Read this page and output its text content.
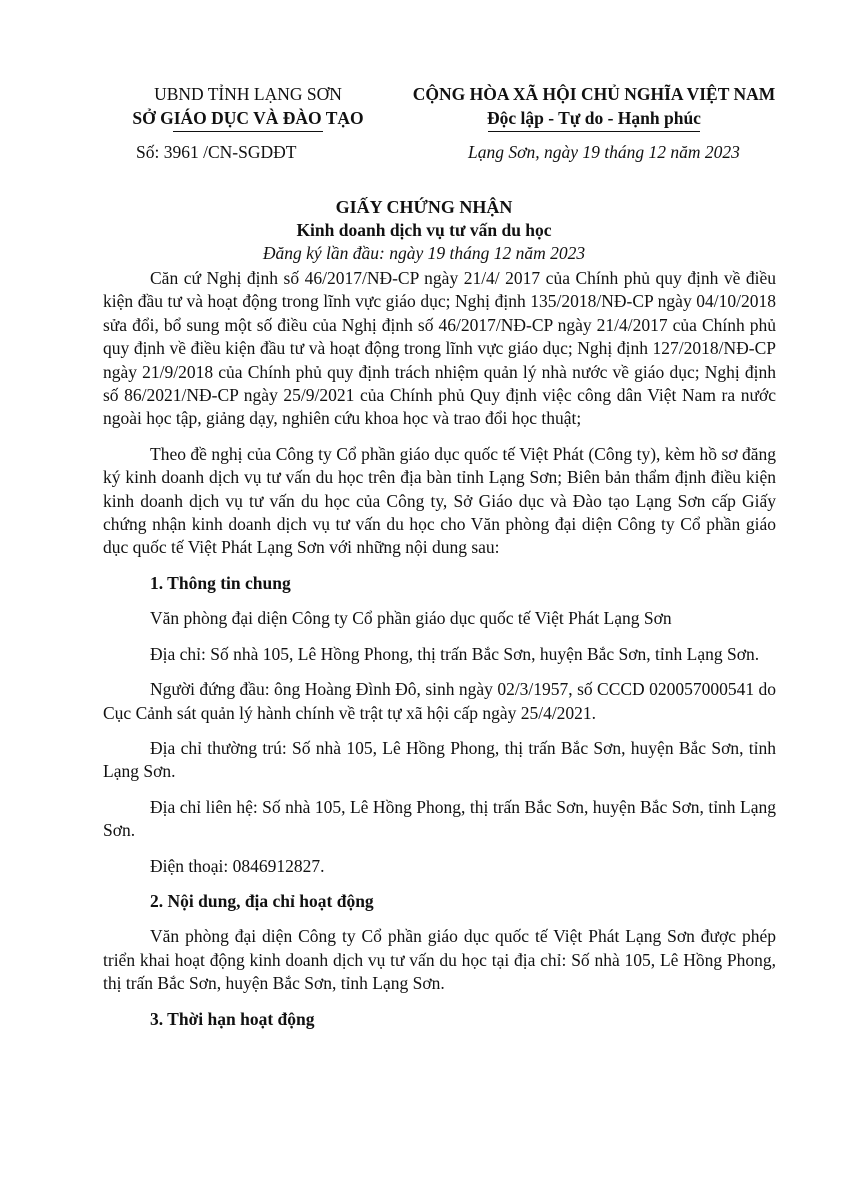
UBND TỈNH LẠNG SƠN
SỞ GIÁO DỤC VÀ ĐÀO TẠO
CỘNG HÒA XÃ HỘI CHỦ NGHĨA VIỆT NAM
Độc lập - Tự do - Hạnh phúc
Số: 3961 /CN-SGDĐT	Lạng Sơn, ngày 19 tháng 12 năm 2023
GIẤY CHỨNG NHẬN
Kinh doanh dịch vụ tư vấn du học
Đăng ký lần đầu: ngày 19 tháng 12 năm 2023

Căn cứ Nghị định số 46/2017/NĐ-CP ngày 21/4/ 2017 của Chính phủ quy định về điều kiện đầu tư và hoạt động trong lĩnh vực giáo dục; Nghị định 135/2018/NĐ-CP ngày 04/10/2018 sửa đổi, bổ sung một số điều của Nghị định số 46/2017/NĐ-CP ngày 21/4/2017 của Chính phủ quy định về điều kiện đầu tư và hoạt động trong lĩnh vực giáo dục; Nghị định 127/2018/NĐ-CP ngày 21/9/2018 của Chính phủ quy định trách nhiệm quản lý nhà nước về giáo dục; Nghị định số 86/2021/NĐ-CP ngày 25/9/2021 của Chính phủ Quy định việc công dân Việt Nam ra nước ngoài học tập, giảng dạy, nghiên cứu khoa học và trao đổi học thuật;

Theo đề nghị của Công ty Cổ phần giáo dục quốc tế Việt Phát (Công ty), kèm hồ sơ đăng ký kinh doanh dịch vụ tư vấn du học trên địa bàn tỉnh Lạng Sơn; Biên bản thẩm định điều kiện kinh doanh dịch vụ tư vấn du học của Công ty, Sở Giáo dục và Đào tạo Lạng Sơn cấp Giấy chứng nhận kinh doanh dịch vụ tư vấn du học cho Văn phòng đại diện Công ty Cổ phần giáo dục quốc tế Việt Phát Lạng Sơn với những nội dung sau:

1. Thông tin chung

Văn phòng đại diện Công ty Cổ phần giáo dục quốc tế Việt Phát Lạng Sơn

Địa chỉ: Số nhà 105, Lê Hồng Phong, thị trấn Bắc Sơn, huyện Bắc Sơn, tỉnh Lạng Sơn.

Người đứng đầu: ông Hoàng Đình Đô, sinh ngày 02/3/1957, số CCCD 020057000541 do Cục Cảnh sát quản lý hành chính về trật tự xã hội cấp ngày 25/4/2021.

Địa chỉ thường trú: Số nhà 105, Lê Hồng Phong, thị trấn Bắc Sơn, huyện Bắc Sơn, tỉnh Lạng Sơn.

Địa chỉ liên hệ: Số nhà 105, Lê Hồng Phong, thị trấn Bắc Sơn, huyện Bắc Sơn, tỉnh Lạng Sơn.

Điện thoại: 0846912827.

2. Nội dung, địa chỉ hoạt động

Văn phòng đại diện Công ty Cổ phần giáo dục quốc tế Việt Phát Lạng Sơn được phép triển khai hoạt động kinh doanh dịch vụ tư vấn du học tại địa chỉ: Số nhà 105, Lê Hồng Phong, thị trấn Bắc Sơn, huyện Bắc Sơn, tỉnh Lạng Sơn.

3. Thời hạn hoạt động
